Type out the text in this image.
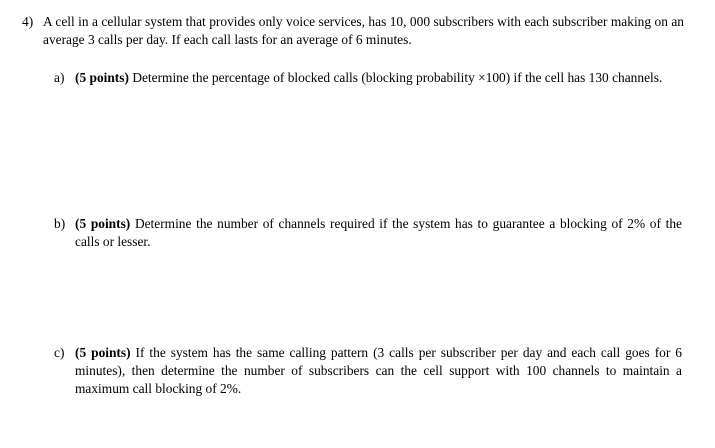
4) A cell in a cellular system that provides only voice services, has 10, 000 subscribers with each subscriber making on an average 3 calls per day. If each call lasts for an average of 6 minutes.
a) (5 points) Determine the percentage of blocked calls (blocking probability ×100) if the cell has 130 channels.
b) (5 points) Determine the number of channels required if the system has to guarantee a blocking of 2% of the calls or lesser.
c) (5 points) If the system has the same calling pattern (3 calls per subscriber per day and each call goes for 6 minutes), then determine the number of subscribers can the cell support with 100 channels to maintain a maximum call blocking of 2%.
